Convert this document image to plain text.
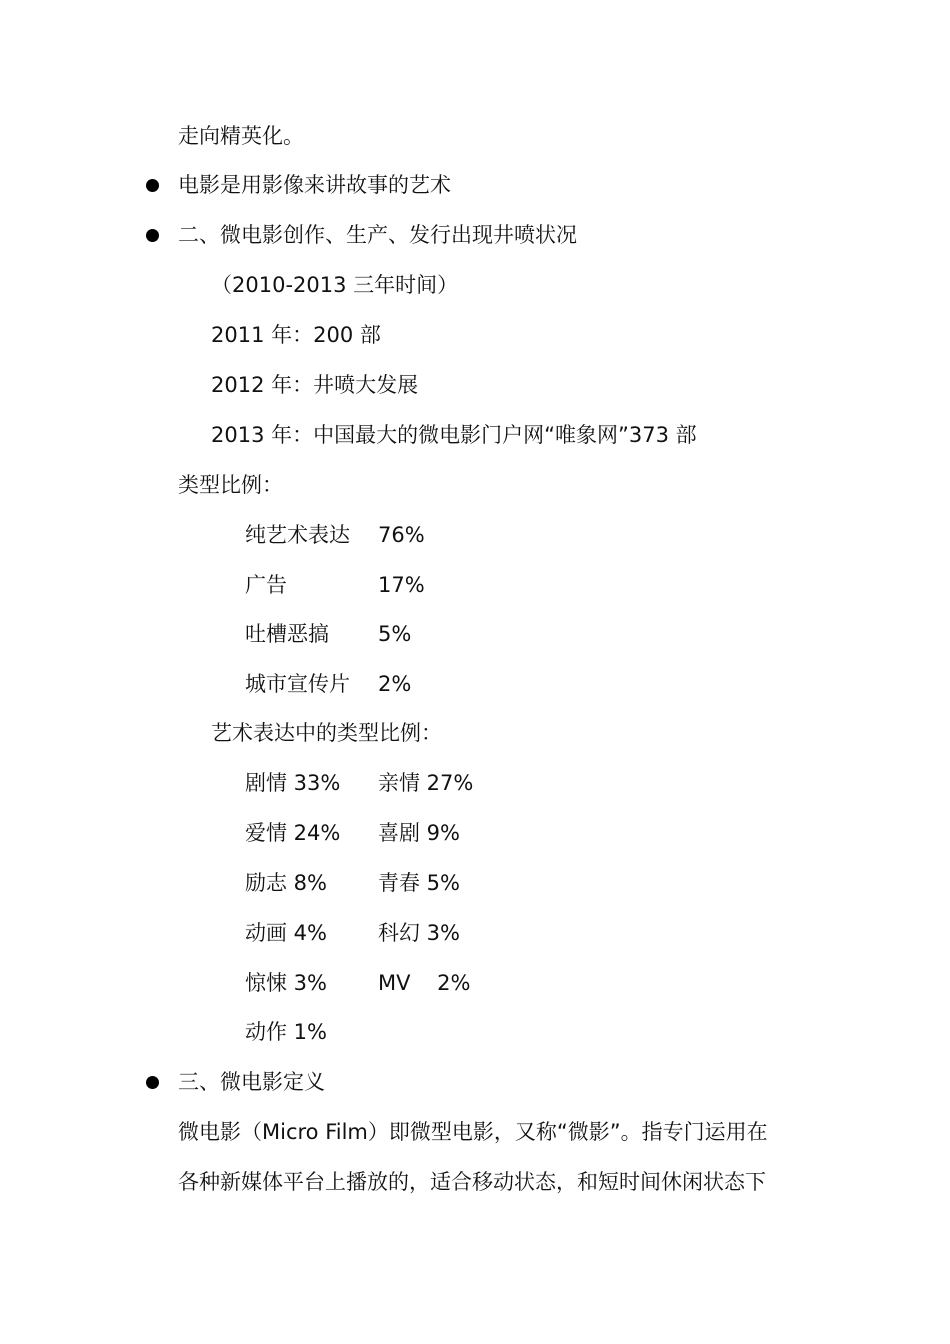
走向精英化。
电影是用影像来讲故事的艺术
二、微电影创作、生产、发行出现井喷状况
（2010-2013 三年时间）
2011 年：200 部
2012 年：井喷大发展
2013 年：中国最大的微电影门户网“唯象网”373 部
类型比例：
纯艺术表达 76%
广告	17%
吐槽恶搞 5%
城市宣传片 2%
艺术表达中的类型比例：
剧情 33% 亲情 27%
爱情 24% 喜剧 9%
励志 8% 青春 5%
动画 4% 科幻 3%
惊悚 3% MV    2%
动作 1%
三、微电影定义
微电影（Micro Film）即微型电影，又称“微影”。指专门运用在
各种新媒体平台上播放的，适合移动状态，和短时间休闲状态下
